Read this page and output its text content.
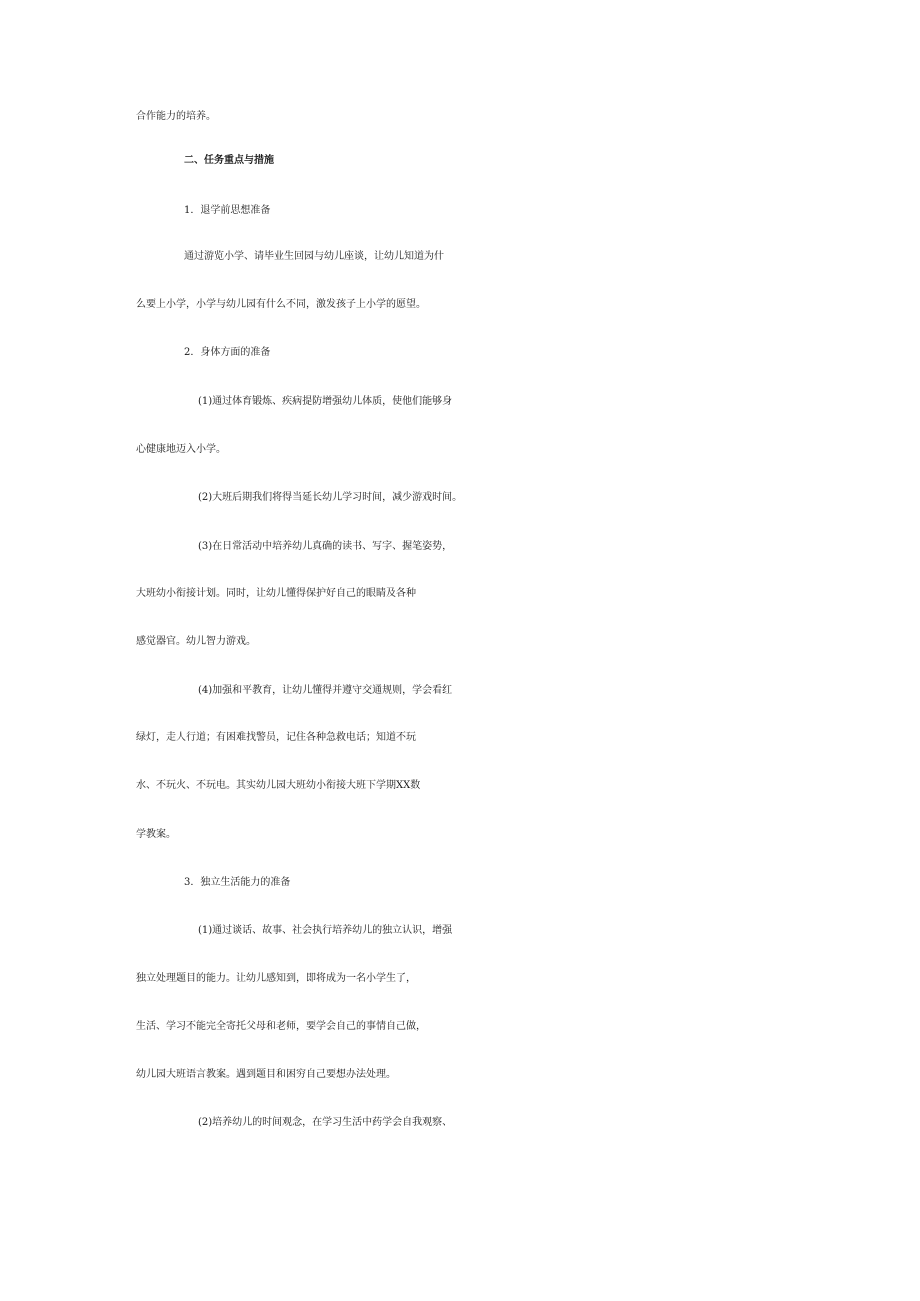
合作能力的培养。
二、任务重点与措施
1．退学前思想准备
通过游览小学、请毕业生回园与幼儿座谈，让幼儿知道为什
么要上小学，小学与幼儿园有什么不同，激发孩子上小学的愿望。
2．身体方面的准备
(1)通过体育锻炼、疾病提防增强幼儿体质，使他们能够身
心健康地迈入小学。
(2)大班后期我们将得当延长幼儿学习时间，减少游戏时间。
(3)在日常活动中培养幼儿真确的读书、写字、握笔姿势，
大班幼小衔接计划。同时，让幼儿懂得保护好自己的眼睛及各种
感觉器官。幼儿智力游戏。
(4)加强和平教育，让幼儿懂得并遵守交通规则，学会看红
绿灯，走人行道；有困难找警员，记住各种急救电话；知道不玩
水、不玩火、不玩电。其实幼儿园大班幼小衔接大班下学期XX数
学教案。
3．独立生活能力的准备
(1)通过谈话、故事、社会执行培养幼儿的独立认识，增强
独立处理题目的能力。让幼儿感知到，即将成为一名小学生了，
生活、学习不能完全寄托父母和老师，要学会自己的事情自己做，
幼儿园大班语言教案。遇到题目和困穷自己要想办法处理。
(2)培养幼儿的时间观念，在学习生活中药学会自我观察、
